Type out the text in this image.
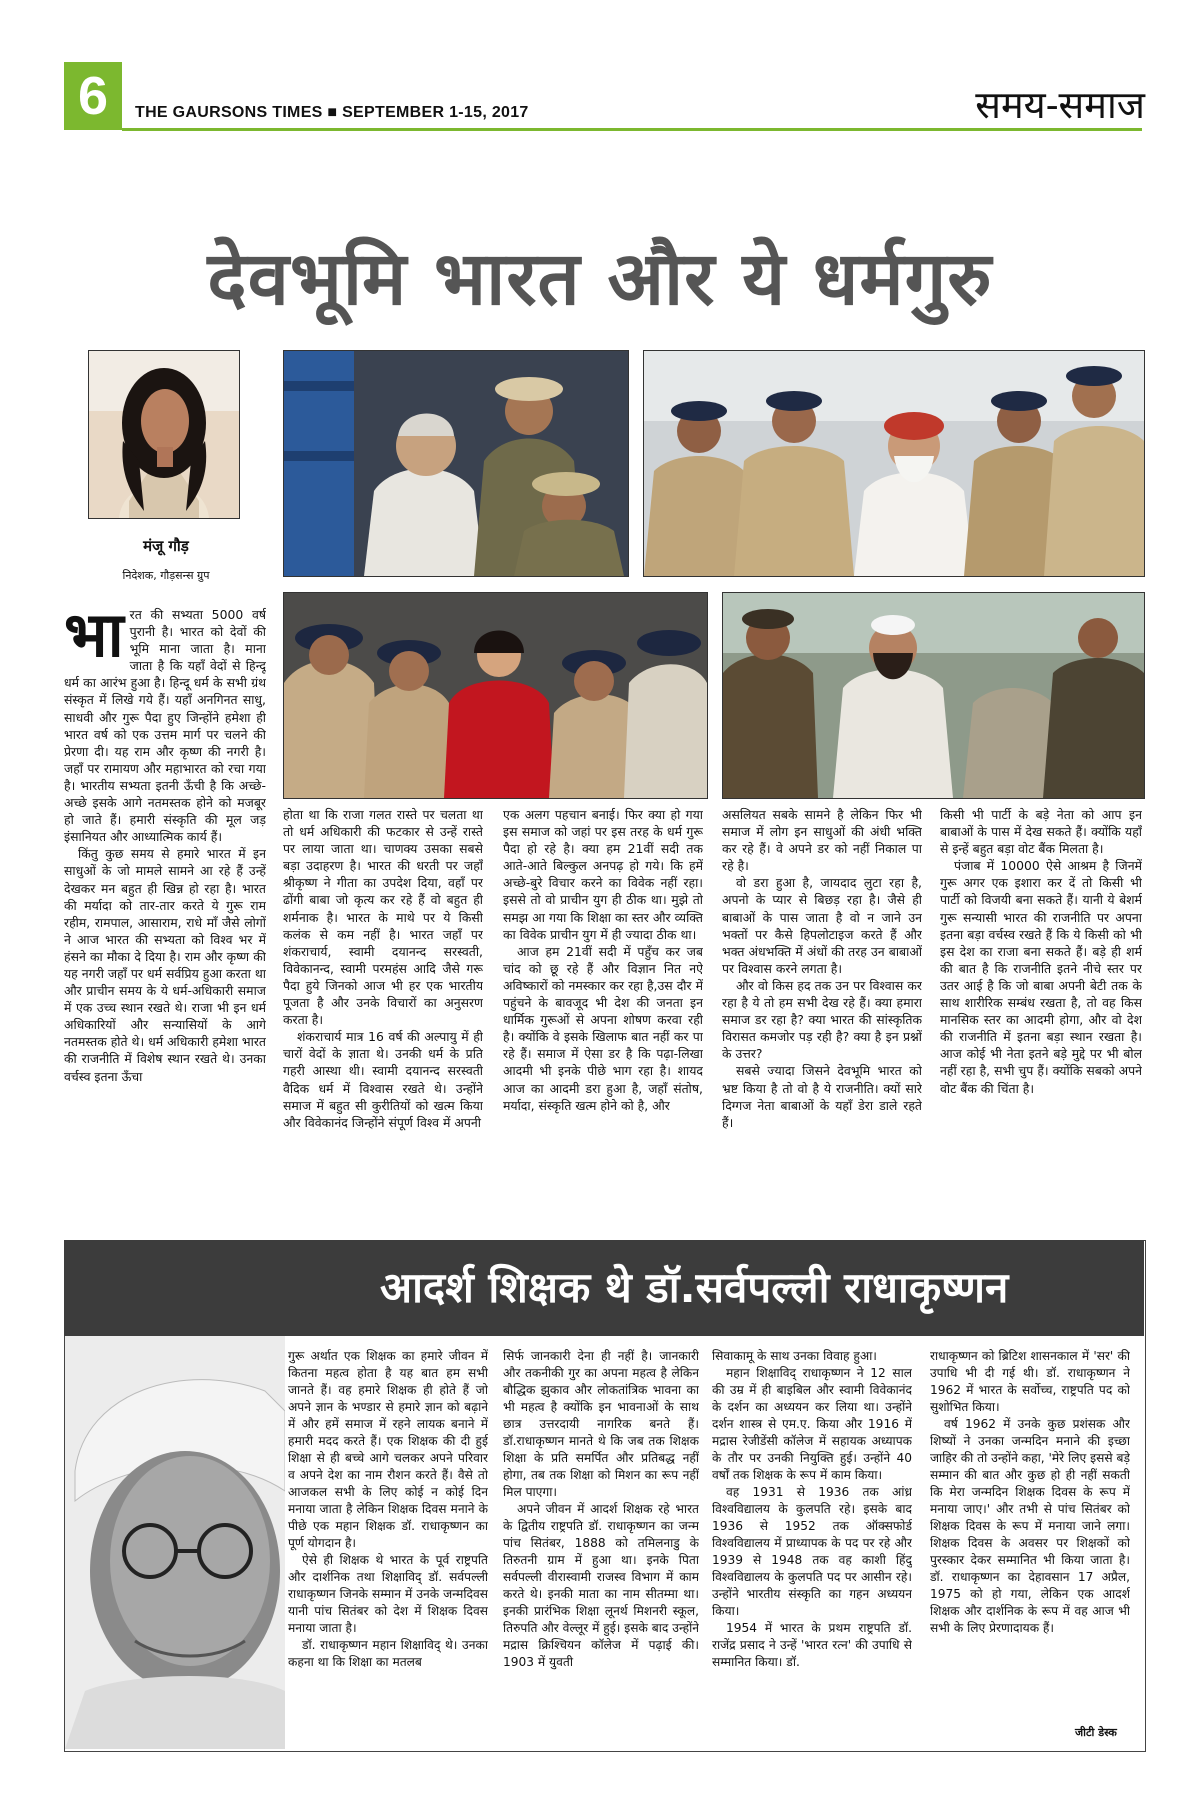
6	THE GAURSONS TIMES ■ SEPTEMBER 1-15, 2017	समय-समाज
देवभूमि भारत और ये धर्मगुरु
मंजू गौड़
निदेशक, गौड़सन्स ग्रुप
भा रत की सभ्यता 5000 वर्ष पुरानी है। भारत को देवों की भूमि माना जाता है। माना जाता है कि यहाँ वेदों से हिन्दू धर्म का आरंभ हुआ है। हिन्दू धर्म के सभी ग्रंथ संस्कृत में लिखे गये हैं। यहाँ अनगिनत साधु, साधवी और गुरू पैदा हुए जिन्होंने हमेशा ही भारत वर्ष को एक उत्तम मार्ग पर चलने की प्रेरणा दी। यह राम और कृष्ण की नगरी है। जहाँ पर रामायण और महाभारत को रचा गया है। भारतीय सभ्यता इतनी ऊँची है कि अच्छे-अच्छे इसके आगे नतमस्तक होने को मजबूर हो जाते हैं। हमारी संस्कृति की मूल जड़ इंसानियत और आध्यात्मिक कार्य हैं।

किंतु कुछ समय से हमारे भारत में इन साधुओं के जो मामले सामने आ रहे हैं उन्हें देखकर मन बहुत ही खिन्न हो रहा है। भारत की मर्यादा को तार-तार करते ये गुरू राम रहीम, रामपाल, आसाराम, राधे माँ जैसे लोगों ने आज भारत की सभ्यता को विश्व भर में हंसने का मौका दे दिया है। राम और कृष्ण की यह नगरी जहाँ पर धर्म सर्वप्रिय हुआ करता था और प्राचीन समय के ये धर्म-अधिकारी समाज में एक उच्च स्थान रखते थे। राजा भी इन धर्म अधिकारियों और सन्यासियों के आगे नतमस्तक होते थे। धर्म अधिकारी हमेशा भारत की राजनीति में विशेष स्थान रखते थे। उनका वर्चस्व इतना ऊँचा

होता था कि राजा गलत रास्ते पर चलता था तो धर्म अधिकारी की फटकार से उन्हें रास्ते पर लाया जाता था। चाणक्य उसका सबसे बड़ा उदाहरण है। भारत की धरती पर जहाँ श्रीकृष्ण ने गीता का उपदेश दिया, वहाँ पर ढोंगी बाबा जो कृत्य कर रहे हैं वो बहुत ही शर्मनाक है। भारत के माथे पर ये किसी कलंक से कम नहीं है। भारत जहाँ पर शंकराचार्य, स्वामी दयानन्द सरस्वती, विवेकानन्द, स्वामी परमहंस आदि जैसे गरू पैदा हुये जिनको आज भी हर एक भारतीय पूजता है और उनके विचारों का अनुसरण करता है।

शंकराचार्य मात्र 16 वर्ष की अल्पायु में ही चारों वेदों के ज्ञाता थे। उनकी धर्म के प्रति गहरी आस्था थी। स्वामी दयानन्द सरस्वती वैदिक धर्म में विश्वास रखते थे। उन्होंने समाज में बहुत सी कुरीतियों को खत्म किया और विवेकानंद जिन्होंने संपूर्ण विश्व में अपनी

एक अलग पहचान बनाई। फिर क्या हो गया इस समाज को जहां पर इस तरह के धर्म गुरू पैदा हो रहे है। क्या हम 21वीं सदी तक आते-आते बिल्कुल अनपढ़ हो गये। कि हमें अच्छे-बुरे विचार करने का विवेक नहीं रहा। इससे तो वो प्राचीन युग ही ठीक था। मुझे तो समझ आ गया कि शिक्षा का स्तर और व्यक्ति का विवेक प्राचीन युग में ही ज्यादा ठीक था।

आज हम 21वीं सदी में पहुँच कर जब चांद को छू रहे हैं और विज्ञान नित नऐ अविष्कारों को नमस्कार कर रहा है,उस दौर में पहुंचने के बावजूद भी देश की जनता इन धार्मिक गुरूओं से अपना शोषण करवा रही है। क्योंकि वे इसके खिलाफ बात नहीं कर पा रहे हैं। समाज में ऐसा डर है कि पढ़ा-लिखा आदमी भी इनके पीछे भाग रहा है। शायद आज का आदमी डरा हुआ है, जहाँ संतोष, मर्यादा, संस्कृति खत्म होने को है, और

असलियत सबके सामने है लेकिन फिर भी समाज में लोग इन साधुओं की अंधी भक्ति कर रहे हैं। वे अपने डर को नहीं निकाल पा रहे है।

वो डरा हुआ है, जायदाद लुटा रहा है, अपनो के प्यार से बिछड़ रहा है। जैसे ही बाबाओं के पास जाता है वो न जाने उन भक्तों पर कैसे हिपलोटाइज करते हैं और भक्त अंधभक्ति में अंधों की तरह उन बाबाओं पर विश्वास करने लगता है।

और वो किस हद तक उन पर विश्वास कर रहा है ये तो हम सभी देख रहे हैं। क्या हमारा समाज डर रहा है? क्या भारत की सांस्कृतिक विरासत कमजोर पड़ रही है? क्या है इन प्रश्नों के उत्तर?

सबसे ज्यादा जिसने देवभूमि भारत को भ्रष्ट किया है तो वो है ये राजनीति। क्यों सारे दिग्गज नेता बाबाओं के यहाँ डेरा डाले रहते हैं।

किसी भी पार्टी के बड़े नेता को आप इन बाबाओं के पास में देख सकते हैं। क्योंकि यहाँ से इन्हें बहुत बड़ा वोट बैंक मिलता है।

पंजाब में 10000 ऐसे आश्रम है जिनमें गुरू अगर एक इशारा कर दें तो किसी भी पार्टी को विजयी बना सकते हैं। यानी ये बेशर्म गुरू सन्यासी भारत की राजनीति पर अपना इतना बड़ा वर्चस्व रखते हैं कि ये किसी को भी इस देश का राजा बना सकते हैं। बड़े ही शर्म की बात है कि राजनीति इतने नीचे स्तर पर उतर आई है कि जो बाबा अपनी बेटी तक के साथ शारीरिक सम्बंध रखता है, तो वह किस मानसिक स्तर का आदमी होगा, और वो देश की राजनीति में इतना बड़ा स्थान रखता है। आज कोई भी नेता इतने बड़े मुद्दे पर भी बोल नहीं रहा है, सभी चुप हैं। क्योंकि सबको अपने वोट बैंक की चिंता है।

आदर्श शिक्षक थे डॉ.सर्वपल्ली राधाकृष्णन

गुरू अर्थात एक शिक्षक का हमारे जीवन में कितना महत्व होता है यह बात हम सभी जानते हैं। वह हमारे शिक्षक ही होते हैं जो अपने ज्ञान के भण्डार से हमारे ज्ञान को बढ़ाने में और हमें समाज में रहने लायक बनाने में हमारी मदद करते हैं। एक शिक्षक की दी हुई शिक्षा से ही बच्चे आगे चलकर अपने परिवार व अपने देश का नाम रौशन करते हैं। वैसे तो आजकल सभी के लिए कोई न कोई दिन मनाया जाता है लेकिन शिक्षक दिवस मनाने के पीछे एक महान शिक्षक डॉ. राधाकृष्णन का पूर्ण योगदान है।

ऐसे ही शिक्षक थे भारत के पूर्व राष्ट्रपति और दार्शनिक तथा शिक्षाविद् डॉ. सर्वपल्ली राधाकृष्णन जिनके सम्मान में उनके जन्मदिवस यानी पांच सितंबर को देश में शिक्षक दिवस मनाया जाता है।

डॉ. राधाकृष्णन महान शिक्षाविद् थे। उनका कहना था कि शिक्षा का मतलब

सिर्फ जानकारी देना ही नहीं है। जानकारी और तकनीकी गुर का अपना महत्व है लेकिन बौद्धिक झुकाव और लोकतांत्रिक भावना का भी महत्व है क्योंकि इन भावनाओं के साथ छात्र उत्तरदायी नागरिक बनते हैं। डॉ.राधाकृष्णन मानते थे कि जब तक शिक्षक शिक्षा के प्रति समर्पित और प्रतिबद्ध नहीं होगा, तब तक शिक्षा को मिशन का रूप नहीं मिल पाएगा।

अपने जीवन में आदर्श शिक्षक रहे भारत के द्वितीय राष्ट्रपति डॉ. राधाकृष्णन का जन्म पांच सितंबर, 1888 को तमिलनाडु के तिरुतनी ग्राम में हुआ था। इनके पिता सर्वपल्ली वीरास्वामी राजस्व विभाग में काम करते थे। इनकी माता का नाम सीतम्मा था। इनकी प्रारंभिक शिक्षा लूनर्थ मिशनरी स्कूल, तिरुपति और वेल्लूर में हुई। इसके बाद उन्होंने मद्रास क्रिश्चियन कॉलेज में पढ़ाई की। 1903 में युवती

सिवाकामू के साथ उनका विवाह हुआ।

महान शिक्षाविद् राधाकृष्णन ने 12 साल की उम्र में ही बाइबिल और स्वामी विवेकानंद के दर्शन का अध्ययन कर लिया था। उन्होंने दर्शन शास्त्र से एम.ए. किया और 1916 में मद्रास रेजीडेंसी कॉलेज में सहायक अध्यापक के तौर पर उनकी नियुक्ति हुई। उन्होंने 40 वर्षों तक शिक्षक के रूप में काम किया।

वह 1931 से 1936 तक आंध्र विश्वविद्यालय के कुलपति रहे। इसके बाद 1936 से 1952 तक ऑक्सफोर्ड विश्वविद्यालय में प्राध्यापक के पद पर रहे और 1939 से 1948 तक वह काशी हिंदु विश्वविद्यालय के कुलपति पद पर आसीन रहे। उन्होंने भारतीय संस्कृति का गहन अध्ययन किया।

1954 में भारत के प्रथम राष्ट्रपति डॉ. राजेंद्र प्रसाद ने उन्हें 'भारत रत्न' की उपाधि से सम्मानित किया। डॉ.

राधाकृष्णन को ब्रिटिश शासनकाल में 'सर' की उपाधि भी दी गई थी। डॉ. राधाकृष्णन ने 1962 में भारत के सर्वोच्च, राष्ट्रपति पद को सुशोभित किया।

वर्ष 1962 में उनके कुछ प्रशंसक और शिष्यों ने उनका जन्मदिन मनाने की इच्छा जाहिर की तो उन्होंने कहा, 'मेरे लिए इससे बड़े सम्मान की बात और कुछ हो ही नहीं सकती कि मेरा जन्मदिन शिक्षक दिवस के रूप में मनाया जाए।' और तभी से पांच सितंबर को शिक्षक दिवस के रूप में मनाया जाने लगा। शिक्षक दिवस के अवसर पर शिक्षकों को पुरस्कार देकर सम्मानित भी किया जाता है। डॉ. राधाकृष्णन का देहावसान 17 अप्रैल, 1975 को हो गया, लेकिन एक आदर्श शिक्षक और दार्शनिक के रूप में वह आज भी सभी के लिए प्रेरणादायक हैं।

जीटी डेस्क
